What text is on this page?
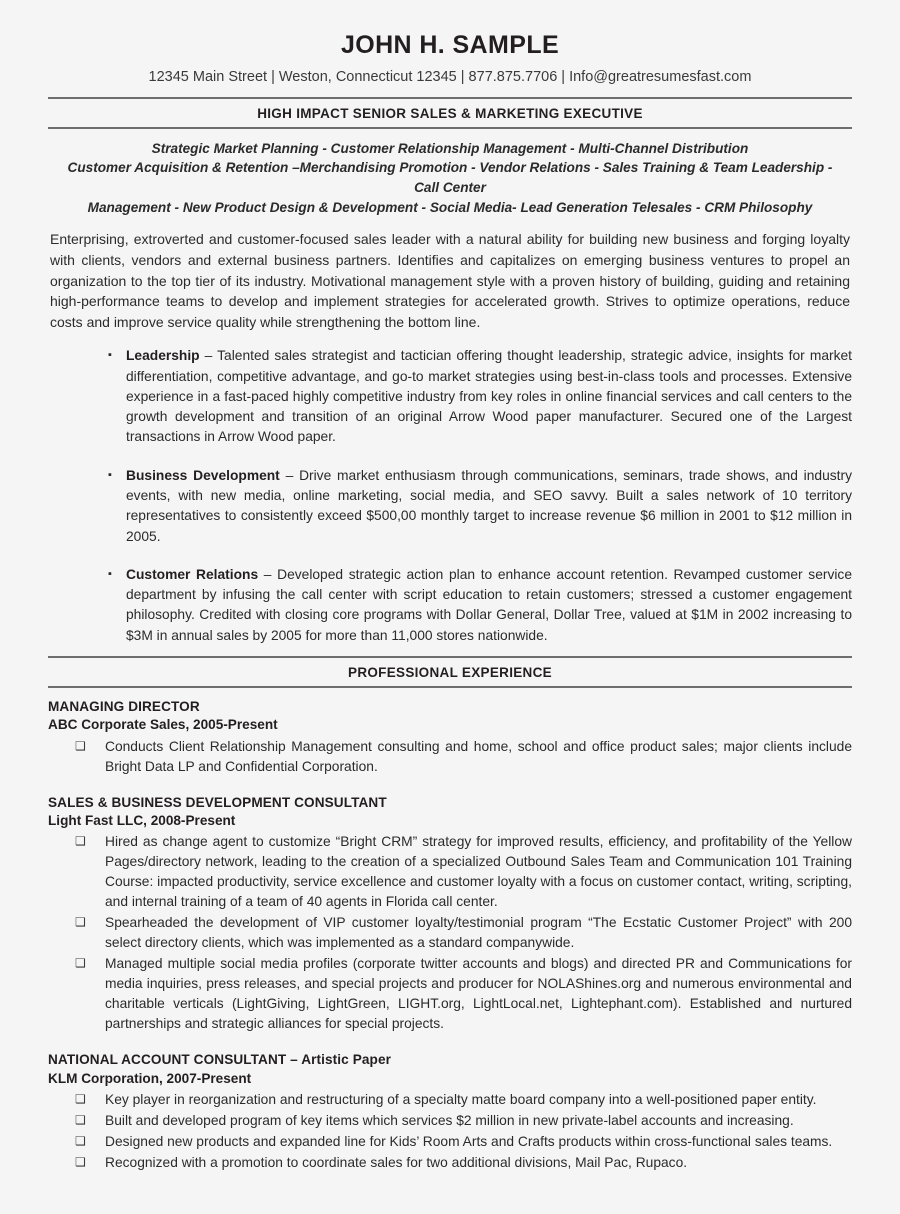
JOHN H. SAMPLE
12345 Main Street | Weston, Connecticut 12345 | 877.875.7706 | Info@greatresumesfast.com
HIGH IMPACT SENIOR SALES & MARKETING EXECUTIVE
Strategic Market Planning - Customer Relationship Management - Multi-Channel Distribution
Customer Acquisition & Retention –Merchandising Promotion - Vendor Relations - Sales Training & Team Leadership - Call Center
Management - New Product Design & Development - Social Media- Lead Generation Telesales - CRM Philosophy
Enterprising, extroverted and customer-focused sales leader with a natural ability for building new business and forging loyalty with clients, vendors and external business partners. Identifies and capitalizes on emerging business ventures to propel an organization to the top tier of its industry. Motivational management style with a proven history of building, guiding and retaining high-performance teams to develop and implement strategies for accelerated growth. Strives to optimize operations, reduce costs and improve service quality while strengthening the bottom line.
▪ Leadership – Talented sales strategist and tactician offering thought leadership, strategic advice, insights for market differentiation, competitive advantage, and go-to market strategies using best-in-class tools and processes. Extensive experience in a fast-paced highly competitive industry from key roles in online financial services and call centers to the growth development and transition of an original Arrow Wood paper manufacturer. Secured one of the Largest transactions in Arrow Wood paper.
▪ Business Development – Drive market enthusiasm through communications, seminars, trade shows, and industry events, with new media, online marketing, social media, and SEO savvy. Built a sales network of 10 territory representatives to consistently exceed $500,00 monthly target to increase revenue $6 million in 2001 to $12 million in 2005.
▪ Customer Relations – Developed strategic action plan to enhance account retention. Revamped customer service department by infusing the call center with script education to retain customers; stressed a customer engagement philosophy. Credited with closing core programs with Dollar General, Dollar Tree, valued at $1M in 2002 increasing to $3M in annual sales by 2005 for more than 11,000 stores nationwide.
PROFESSIONAL EXPERIENCE
MANAGING DIRECTOR
ABC Corporate Sales, 2005-Present
❑ Conducts Client Relationship Management consulting and home, school and office product sales; major clients include Bright Data LP and Confidential Corporation.
SALES & BUSINESS DEVELOPMENT CONSULTANT
Light Fast LLC, 2008-Present
❑ Hired as change agent to customize “Bright CRM” strategy for improved results, efficiency, and profitability of the Yellow Pages/directory network, leading to the creation of a specialized Outbound Sales Team and Communication 101 Training Course: impacted productivity, service excellence and customer loyalty with a focus on customer contact, writing, scripting, and internal training of a team of 40 agents in Florida call center.
❑ Spearheaded the development of VIP customer loyalty/testimonial program “The Ecstatic Customer Project” with 200 select directory clients, which was implemented as a standard companywide.
❑ Managed multiple social media profiles (corporate twitter accounts and blogs) and directed PR and Communications for media inquiries, press releases, and special projects and producer for NOLAShines.org and numerous environmental and charitable verticals (LightGiving, LightGreen, LIGHT.org, LightLocal.net, Lightephant.com). Established and nurtured partnerships and strategic alliances for special projects.
NATIONAL ACCOUNT CONSULTANT – Artistic Paper
KLM Corporation, 2007-Present
❑ Key player in reorganization and restructuring of a specialty matte board company into a well-positioned paper entity.
❑ Built and developed program of key items which services $2 million in new private-label accounts and increasing.
❑ Designed new products and expanded line for Kids’ Room Arts and Crafts products within cross-functional sales teams.
❑ Recognized with a promotion to coordinate sales for two additional divisions, Mail Pac, Rupaco.
